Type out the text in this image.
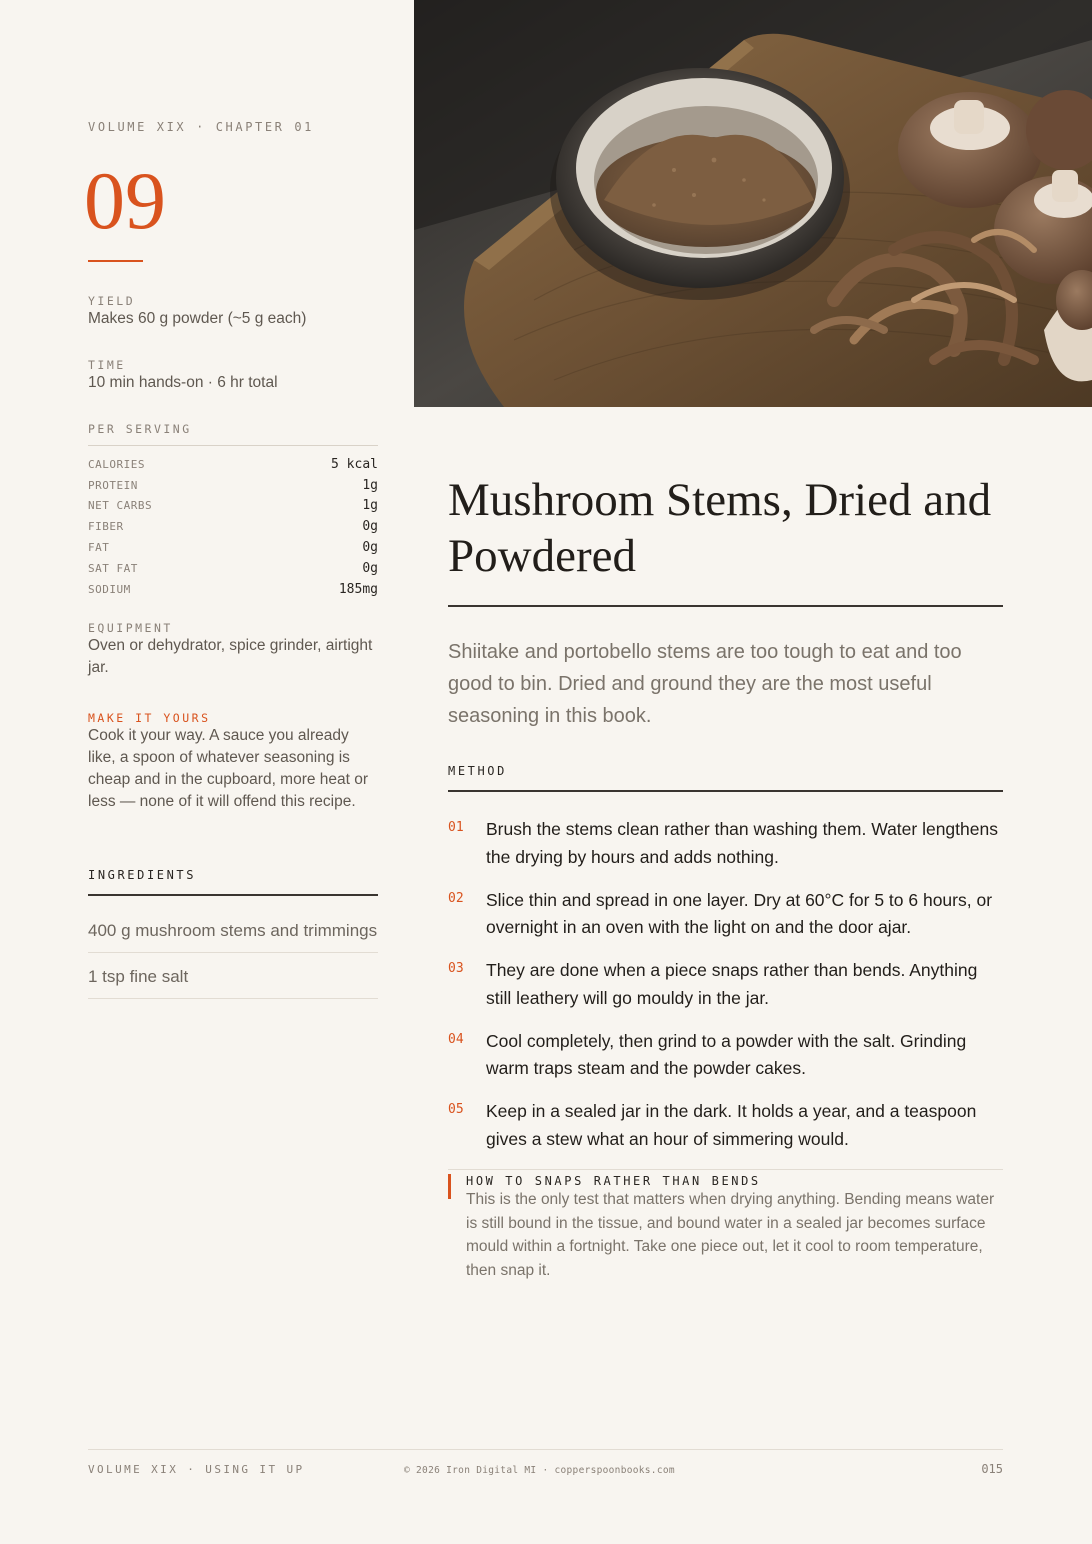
VOLUME XIX · CHAPTER 01
09
YIELD
Makes 60 g powder (~5 g each)
TIME
10 min hands-on · 6 hr total
PER SERVING
CALORIES	5 kcal
PROTEIN	1g
NET CARBS	1g
FIBER	0g
FAT	0g
SAT FAT	0g
SODIUM	185mg
EQUIPMENT
Oven or dehydrator, spice grinder, airtight jar.
MAKE IT YOURS
Cook it your way. A sauce you already like, a spoon of whatever seasoning is cheap and in the cupboard, more heat or less — none of it will offend this recipe.
INGREDIENTS
400 g mushroom stems and trimmings
1 tsp fine salt
Mushroom Stems, Dried and Powdered
Shiitake and portobello stems are too tough to eat and too good to bin. Dried and ground they are the most useful seasoning in this book.
METHOD
01	Brush the stems clean rather than washing them. Water lengthens the drying by hours and adds nothing.
02	Slice thin and spread in one layer. Dry at 60°C for 5 to 6 hours, or overnight in an oven with the light on and the door ajar.
03	They are done when a piece snaps rather than bends. Anything still leathery will go mouldy in the jar.
04	Cool completely, then grind to a powder with the salt. Grinding warm traps steam and the powder cakes.
05	Keep in a sealed jar in the dark. It holds a year, and a teaspoon gives a stew what an hour of simmering would.
HOW TO SNAPS RATHER THAN BENDS
This is the only test that matters when drying anything. Bending means water is still bound in the tissue, and bound water in a sealed jar becomes surface mould within a fortnight. Take one piece out, let it cool to room temperature, then snap it.
VOLUME XIX · USING IT UP	© 2026 Iron Digital MI · copperspoonbooks.com	015
